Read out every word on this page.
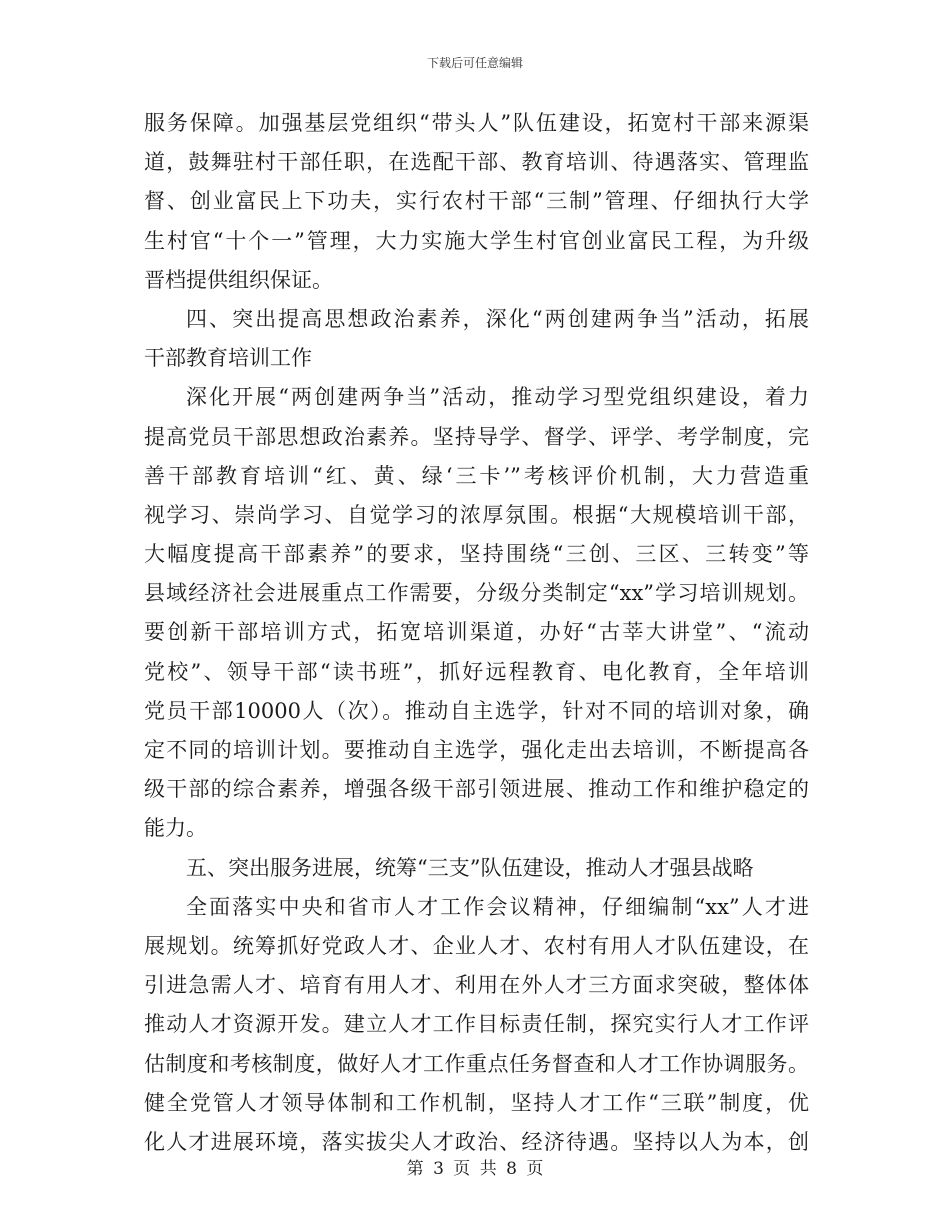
下载后可任意编辑
服务保障。加强基层党组织“带头人”队伍建设，拓宽村干部来源渠
道，鼓舞驻村干部任职，在选配干部、教育培训、待遇落实、管理监
督、创业富民上下功夫，实行农村干部“三制”管理、仔细执行大学
生村官“十个一”管理，大力实施大学生村官创业富民工程，为升级
晋档提供组织保证。
四、突出提高思想政治素养，深化“两创建两争当”活动，拓展
干部教育培训工作
深化开展“两创建两争当”活动，推动学习型党组织建设，着力
提高党员干部思想政治素养。坚持导学、督学、评学、考学制度，完
善干部教育培训“红、黄、绿‘三卡’”考核评价机制，大力营造重
视学习、崇尚学习、自觉学习的浓厚氛围。根据“大规模培训干部，
大幅度提高干部素养”的要求，坚持围绕“三创、三区、三转变”等
县域经济社会进展重点工作需要，分级分类制定“xx”学习培训规划。
要创新干部培训方式，拓宽培训渠道，办好“古莘大讲堂”、“流动
党校”、领导干部“读书班”，抓好远程教育、电化教育，全年培训
党员干部10000人（次）。推动自主选学，针对不同的培训对象，确
定不同的培训计划。要推动自主选学，强化走出去培训，不断提高各
级干部的综合素养，增强各级干部引领进展、推动工作和维护稳定的
能力。
五、突出服务进展，统筹“三支”队伍建设，推动人才强县战略
全面落实中央和省市人才工作会议精神，仔细编制“xx”人才进
展规划。统筹抓好党政人才、企业人才、农村有用人才队伍建设，在
引进急需人才、培育有用人才、利用在外人才三方面求突破，整体体
推动人才资源开发。建立人才工作目标责任制，探究实行人才工作评
估制度和考核制度，做好人才工作重点任务督查和人才工作协调服务。
健全党管人才领导体制和工作机制，坚持人才工作“三联”制度，优
化人才进展环境，落实拔尖人才政治、经济待遇。坚持以人为本，创
第 3 页 共 8 页
